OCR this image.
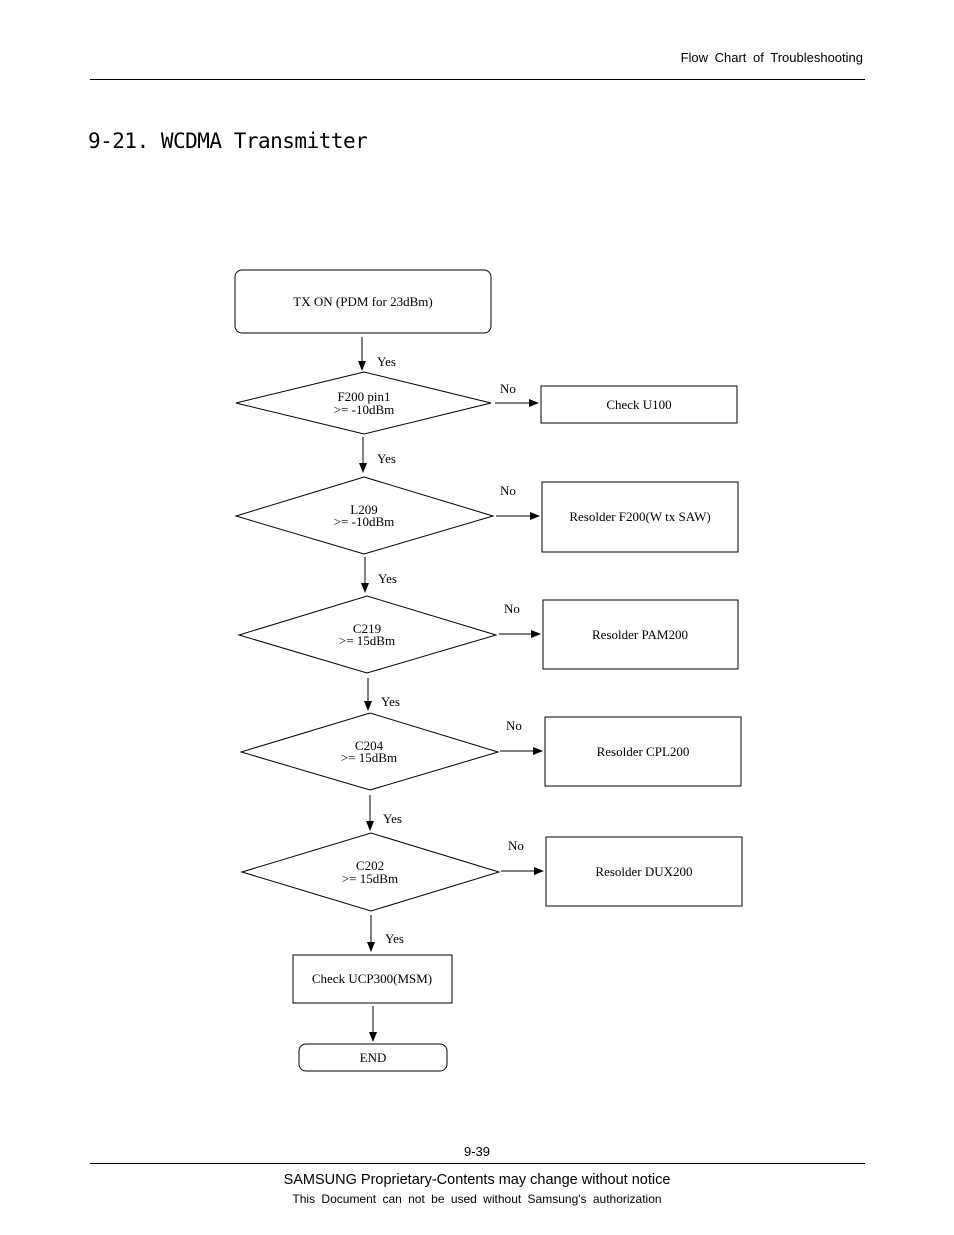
Flow Chart of Troubleshooting
9-21. WCDMA Transmitter
TX ON (PDM for 23dBm)
Yes
F200 pin1
>= -10dBm
No
Check U100
Yes
L209
>= -10dBm
No
Resolder F200(W tx SAW)
Yes
C219
>= 15dBm
No
Resolder PAM200
Yes
C204
>= 15dBm
No
Resolder CPL200
Yes
C202
>= 15dBm
No
Resolder DUX200
Yes
Check UCP300(MSM)
END
9-39
SAMSUNG Proprietary-Contents may change without notice
This Document can not be used without Samsung's authorization
